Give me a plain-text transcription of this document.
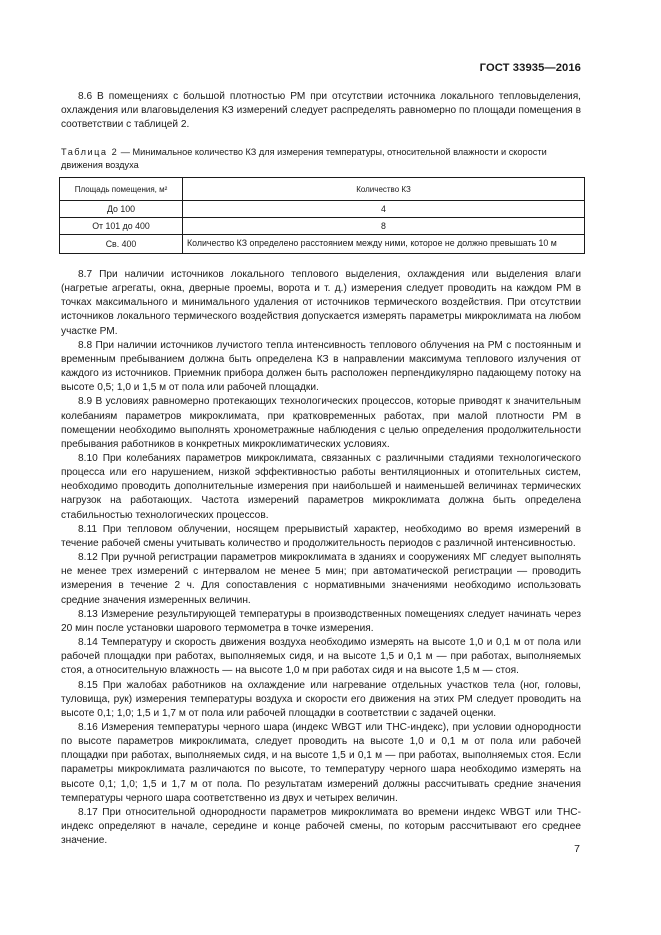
ГОСТ 33935—2016

8.6 В помещениях с большой плотностью РМ при отсутствии источника локального тепловыделения, охлаждения или влаговыделения КЗ измерений следует распределять равномерно по площади помещения в соответствии с таблицей 2.

Таблица 2 — Минимальное количество КЗ для измерения температуры, относительной влажности и скорости движения воздуха
Площадь помещения, м²	Количество КЗ
До 100	4
От 101 до 400	8
Св. 400	Количество КЗ определено расстоянием между ними, которое не должно превышать 10 м

8.7 При наличии источников локального теплового выделения, охлаждения или выделения влаги (нагретые агрегаты, окна, дверные проемы, ворота и т. д.) измерения следует проводить на каждом РМ в точках максимального и минимального удаления от источников термического воздействия. При отсутствии источников локального термического воздействия допускается измерять параметры микроклимата на любом участке РМ.

8.8 При наличии источников лучистого тепла интенсивность теплового облучения на РМ с постоянным и временным пребыванием должна быть определена КЗ в направлении максимума теплового излучения от каждого из источников. Приемник прибора должен быть расположен перпендикулярно падающему потоку на высоте 0,5; 1,0 и 1,5 м от пола или рабочей площадки.

8.9 В условиях равномерно протекающих технологических процессов, которые приводят к значительным колебаниям параметров микроклимата, при кратковременных работах, при малой плотности РМ в помещении необходимо выполнять хронометражные наблюдения с целью определения продолжительности пребывания работников в конкретных микроклиматических условиях.

8.10 При колебаниях параметров микроклимата, связанных с различными стадиями технологического процесса или его нарушением, низкой эффективностью работы вентиляционных и отопительных систем, необходимо проводить дополнительные измерения при наибольшей и наименьшей величинах термических нагрузок на работающих. Частота измерений параметров микроклимата должна быть определена стабильностью технологических процессов.

8.11 При тепловом облучении, носящем прерывистый характер, необходимо во время измерений в течение рабочей смены учитывать количество и продолжительность периодов с различной интенсивностью.

8.12 При ручной регистрации параметров микроклимата в зданиях и сооружениях МГ следует выполнять не менее трех измерений с интервалом не менее 5 мин; при автоматической регистрации — проводить измерения в течение 2 ч. Для сопоставления с нормативными значениями необходимо использовать средние значения измеренных величин.

8.13 Измерение результирующей температуры в производственных помещениях следует начинать через 20 мин после установки шарового термометра в точке измерения.

8.14 Температуру и скорость движения воздуха необходимо измерять на высоте 1,0 и 0,1 м от пола или рабочей площадки при работах, выполняемых сидя, и на высоте 1,5 и 0,1 м — при работах, выполняемых стоя, а относительную влажность — на высоте 1,0 м при работах сидя и на высоте 1,5 м — стоя.

8.15 При жалобах работников на охлаждение или нагревание отдельных участков тела (ног, головы, туловища, рук) измерения температуры воздуха и скорости его движения на этих РМ следует проводить на высоте 0,1; 1,0; 1,5 и 1,7 м от пола или рабочей площадки в соответствии с задачей оценки.

8.16 Измерения температуры черного шара (индекс WBGT или ТНС-индекс), при условии однородности по высоте параметров микроклимата, следует проводить на высоте 1,0 и 0,1 м от пола или рабочей площадки при работах, выполняемых сидя, и на высоте 1,5 и 0,1 м — при работах, выполняемых стоя. Если параметры микроклимата различаются по высоте, то температуру черного шара необходимо измерять на высоте 0,1; 1,0; 1,5 и 1,7 м от пола. По результатам измерений должны рассчитывать средние значения температуры черного шара соответственно из двух и четырех величин.

8.17 При относительной однородности параметров микроклимата во времени индекс WBGT или ТНС-индекс определяют в начале, середине и конце рабочей смены, по которым рассчитывают его среднее значение.

7
